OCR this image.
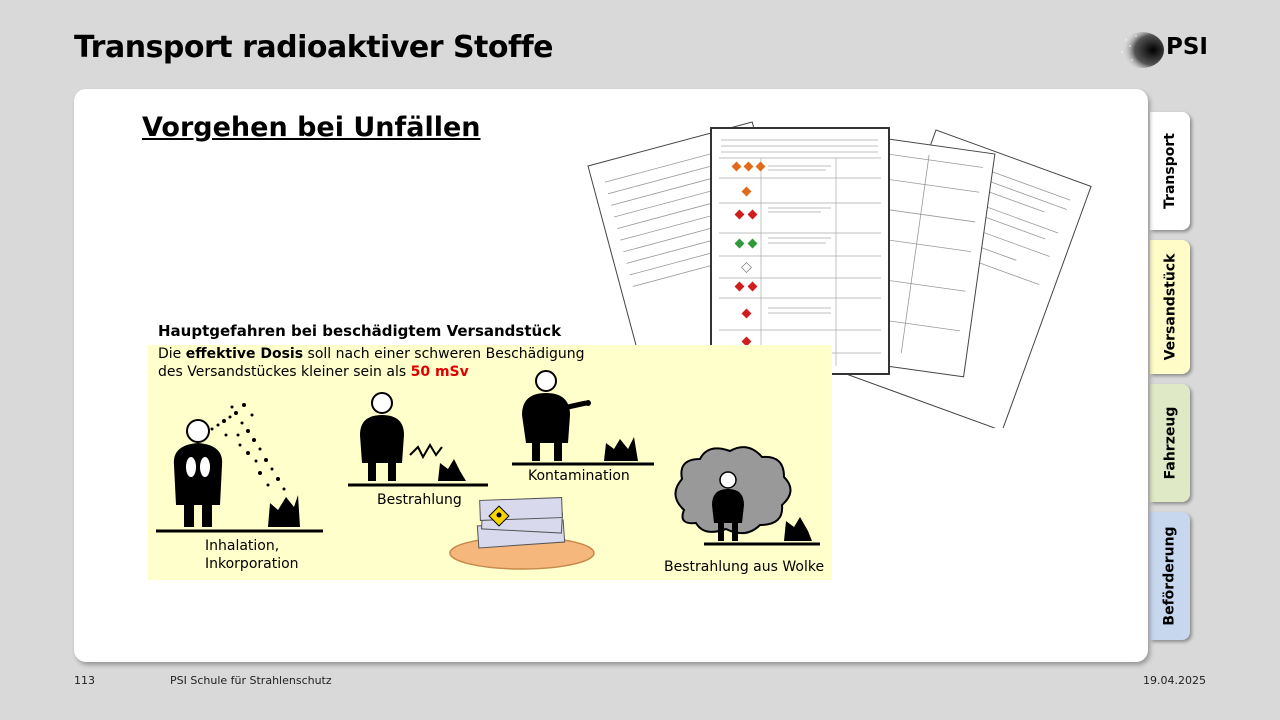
Transport radioaktiver Stoffe	PSI
Transport
Versandstück
Fahrzeug
Beförderung
Vorgehen bei Unfällen
Hauptgefahren bei beschädigtem Versandstück
Die effektive Dosis soll nach einer schweren Beschädigung des Versandstückes kleiner sein als 50 mSv
Inhalation,
Inkorporation
Bestrahlung
Kontamination
Bestrahlung aus Wolke
113	PSI Schule für Strahlenschutz	19.04.2025
